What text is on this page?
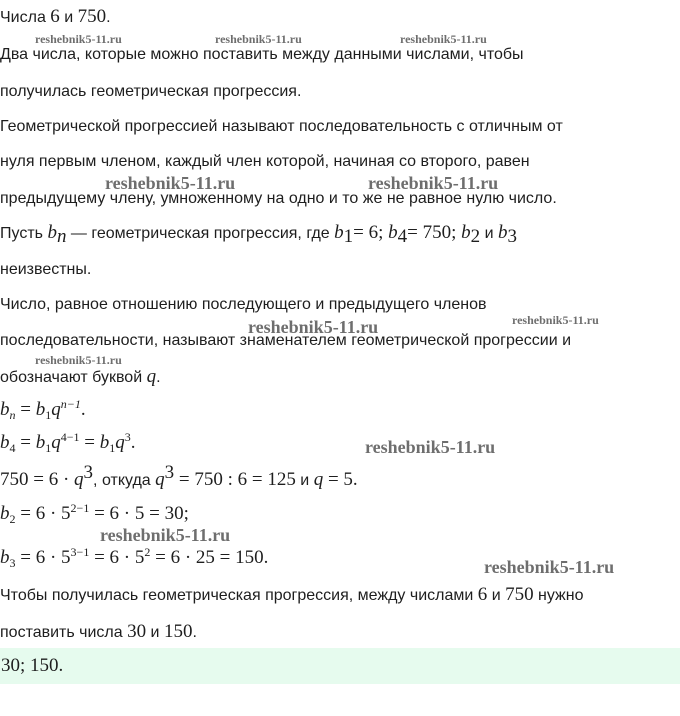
Числа 6 и 750.
Два числа, которые можно поставить между данными числами, чтобы
получилась геометрическая прогрессия.
Геометрической прогрессией называют последовательность с отличным от
нуля первым членом, каждый член которой, начиная со второго, равен
предыдущему члену, умноженному на одно и то же не равное нулю число.
Пусть $b_n$ — геометрическая прогрессия, где $b_1= 6$; $b_4= 750$; $b_2$ и $b_3$
неизвестны.
Число, равное отношению последующего и предыдущего членов
последовательности, называют знаменателем геометрической прогрессии и
обозначают буквой q.
$b_n = b_1q^{n-1}$.
$b_4 = b_1q^{4-1} = b_1q^3$.
$750 = 6 \cdot q^3$, откуда $q^3 = 750$ : 6 = 125 и q = 5.
$b_2 = 6 \cdot 5^{2-1} = 6 \cdot 5 = 30$;
$b_3 = 6 \cdot 5^{3-1} = 6 \cdot 5^2 = 6 \cdot 25 = 150$.
Чтобы получилась геометрическая прогрессия, между числами 6 и 750 нужно
поставить числа 30 и 150.
30; 150.
reshebnik5-11.ru	reshebnik5-11.ru	reshebnik5-11.ru
reshebnik5-11.ru	reshebnik5-11.ru
reshebnik5-11.ru	reshebnik5-11.ru
reshebnik5-11.ru
reshebnik5-11.ru
reshebnik5-11.ru
reshebnik5-11.ru
